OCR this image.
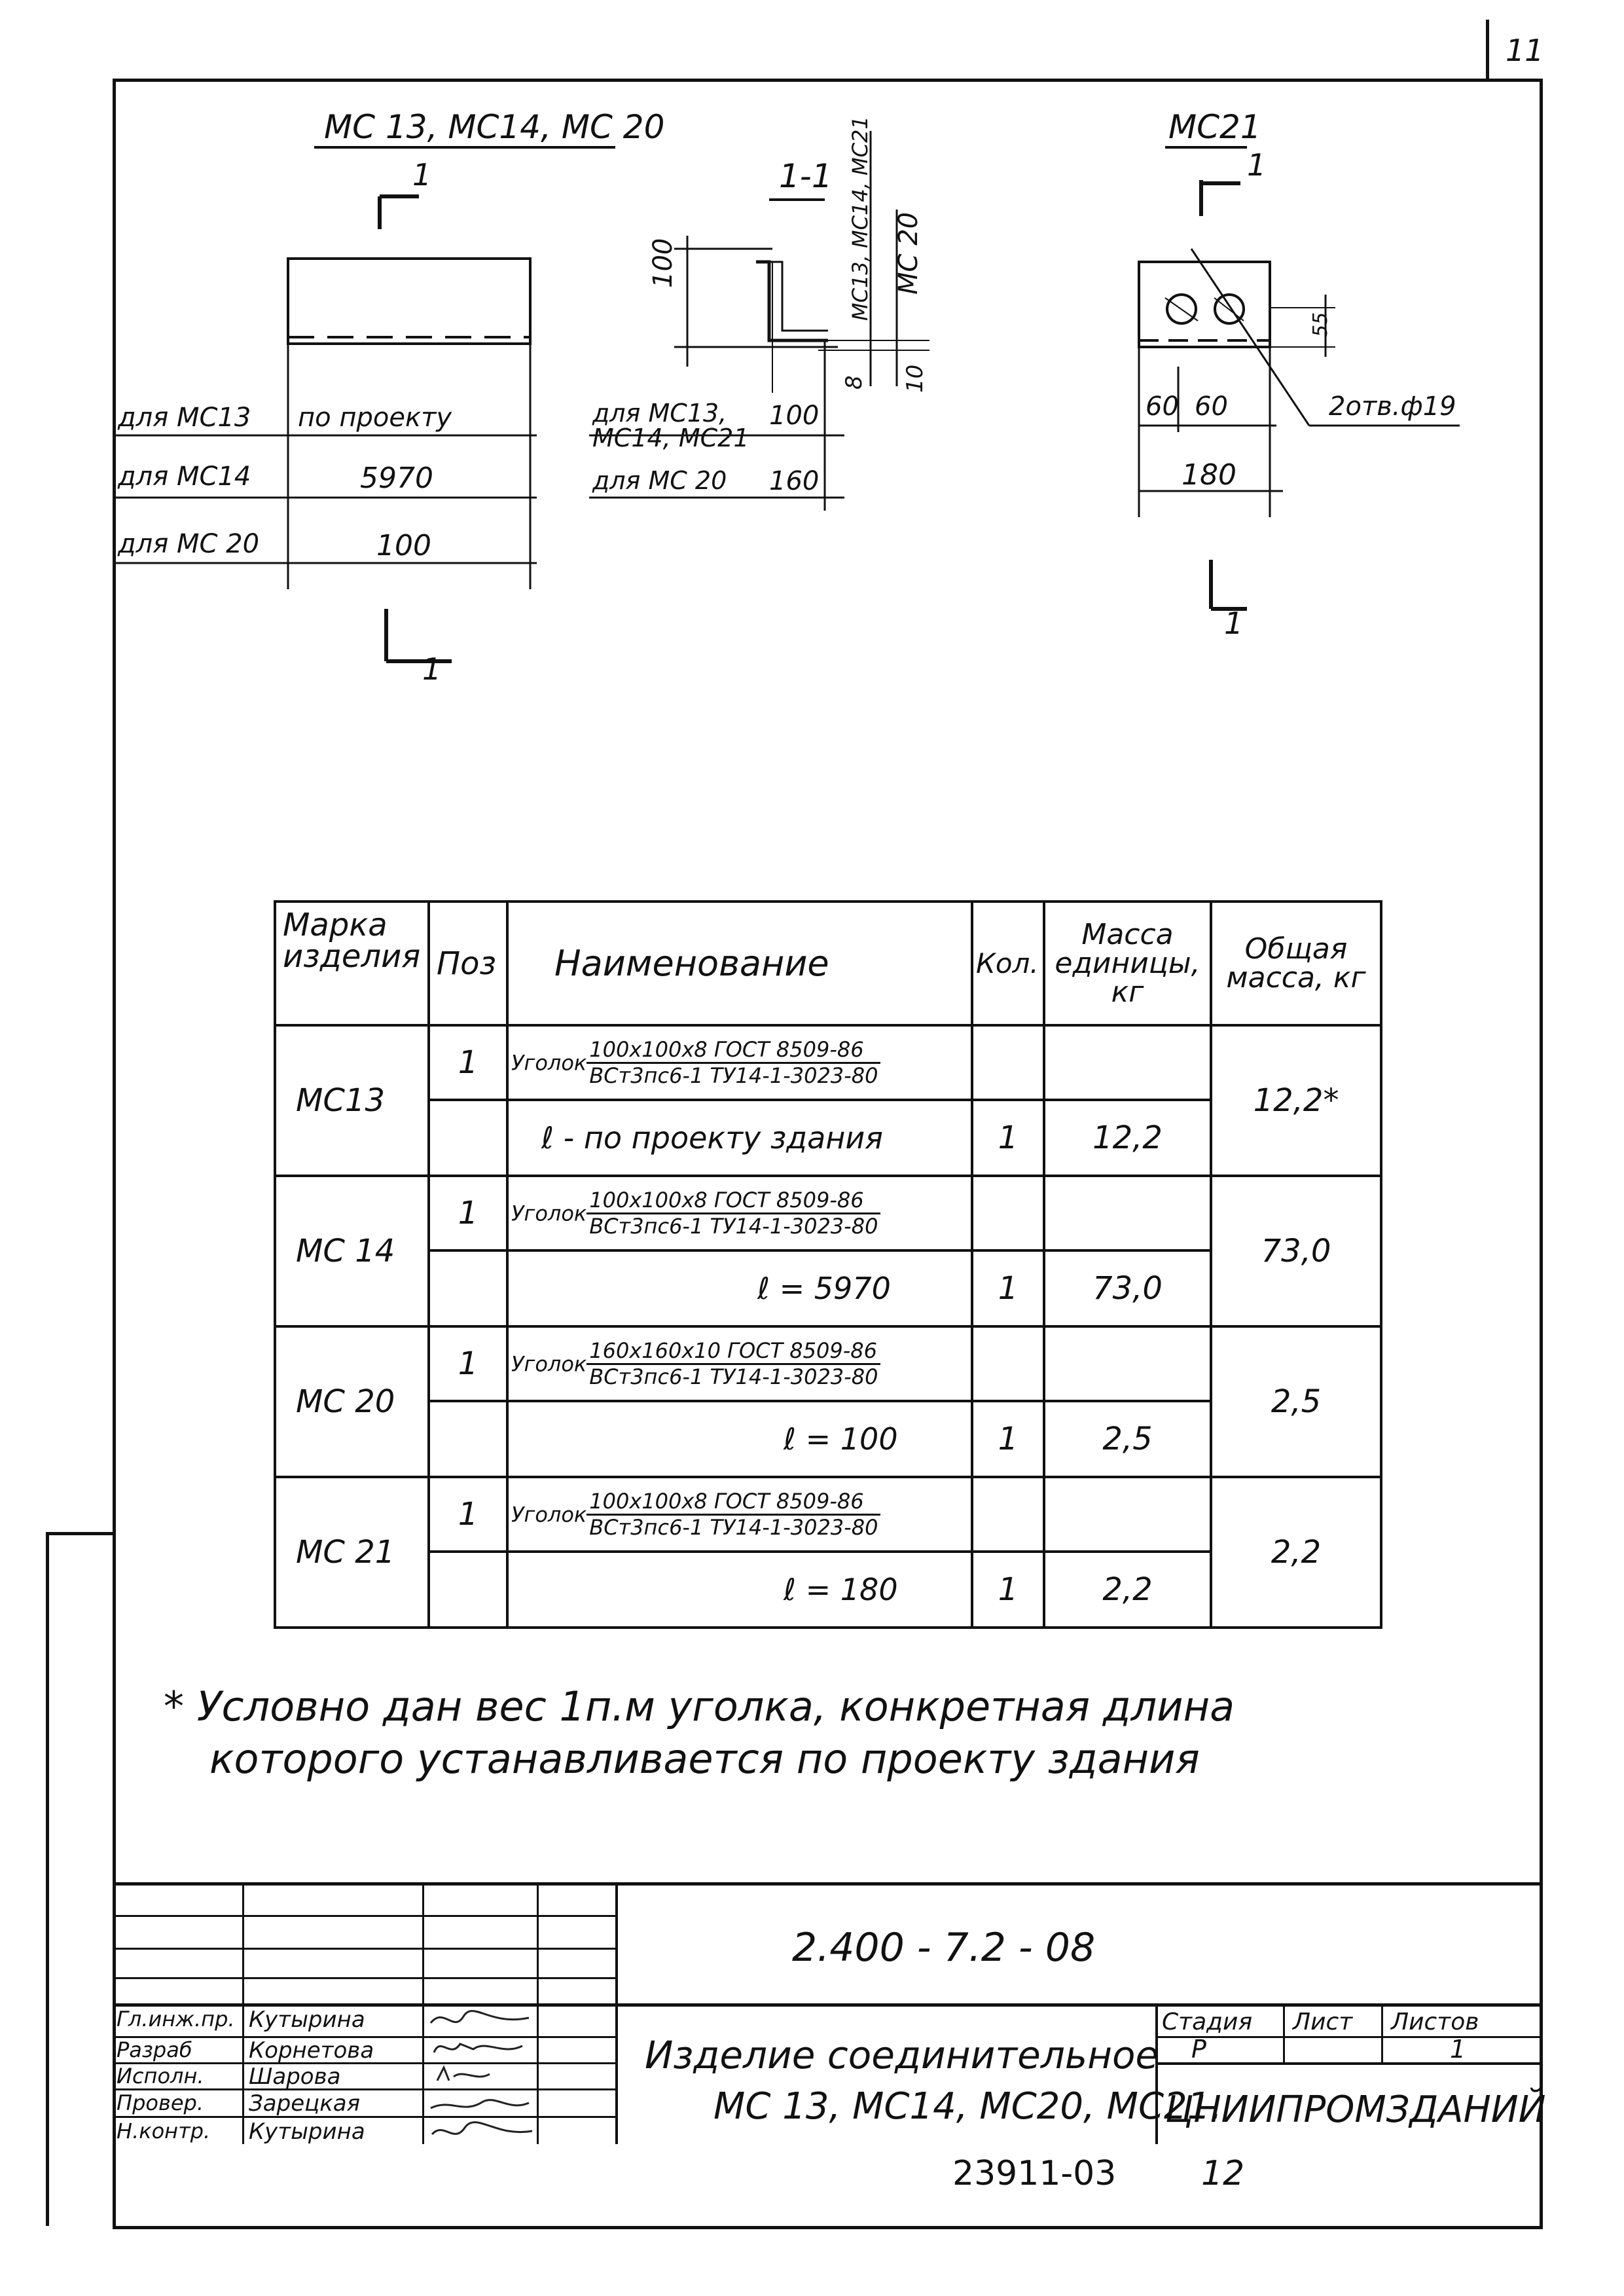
11
МС 13, МС14, МС 20
1
1
для МС13 по проекту
для МС14	5970
для МС 20	100
1-1
100	МС13, МС14, МС21 МС 20
8 10
для МС13, МС14, МС21
100
для МС 20 160
МС21
1
1
60 60
180
55
2отв.ф19
Марка изделия	Поз	Наименование	Кол.	Масса единицы, кг	Общая масса, кг
МС13	1	Уголок $\frac{\text{100х100х8 ГОСТ 8509-86}}{\text{ВСт3пс6-1 ТУ14-1-3023-80}}$			12,2*
		ℓ - по проекту здания	1	12,2	
МС 14	1	Уголок $\frac{\text{100х100х8 ГОСТ 8509-86}}{\text{ВСт3пс6-1 ТУ14-1-3023-80}}$			73,0
		ℓ = 5970	1	73,0	
МС 20	1	Уголок $\frac{\text{160х160х10 ГОСТ 8509-86}}{\text{ВСт3пс6-1 ТУ14-1-3023-80}}$			2,5
		ℓ = 100	1	2,5	
МС 21	1	Уголок $\frac{\text{100х100х8 ГОСТ 8509-86}}{\text{ВСт3пс6-1 ТУ14-1-3023-80}}$			2,2
		ℓ = 180	1	2,2	
* Условно дан вес 1п.м уголка, конкретная длина
которого устанавливается по проекту здания
2.400 - 7.2 - 08
Изделие соединительное
МС 13, МС14, МС20, МС21.
Стадия Лист Листов
Р	1
ЦНИИПРОМЗДАНИЙ
Гл.инж.пр. Кутырина
Разраб	Корнетова
Исполн. Шарова
Провер. Зарецкая
Н.контр. Кутырина
23911-03 12
